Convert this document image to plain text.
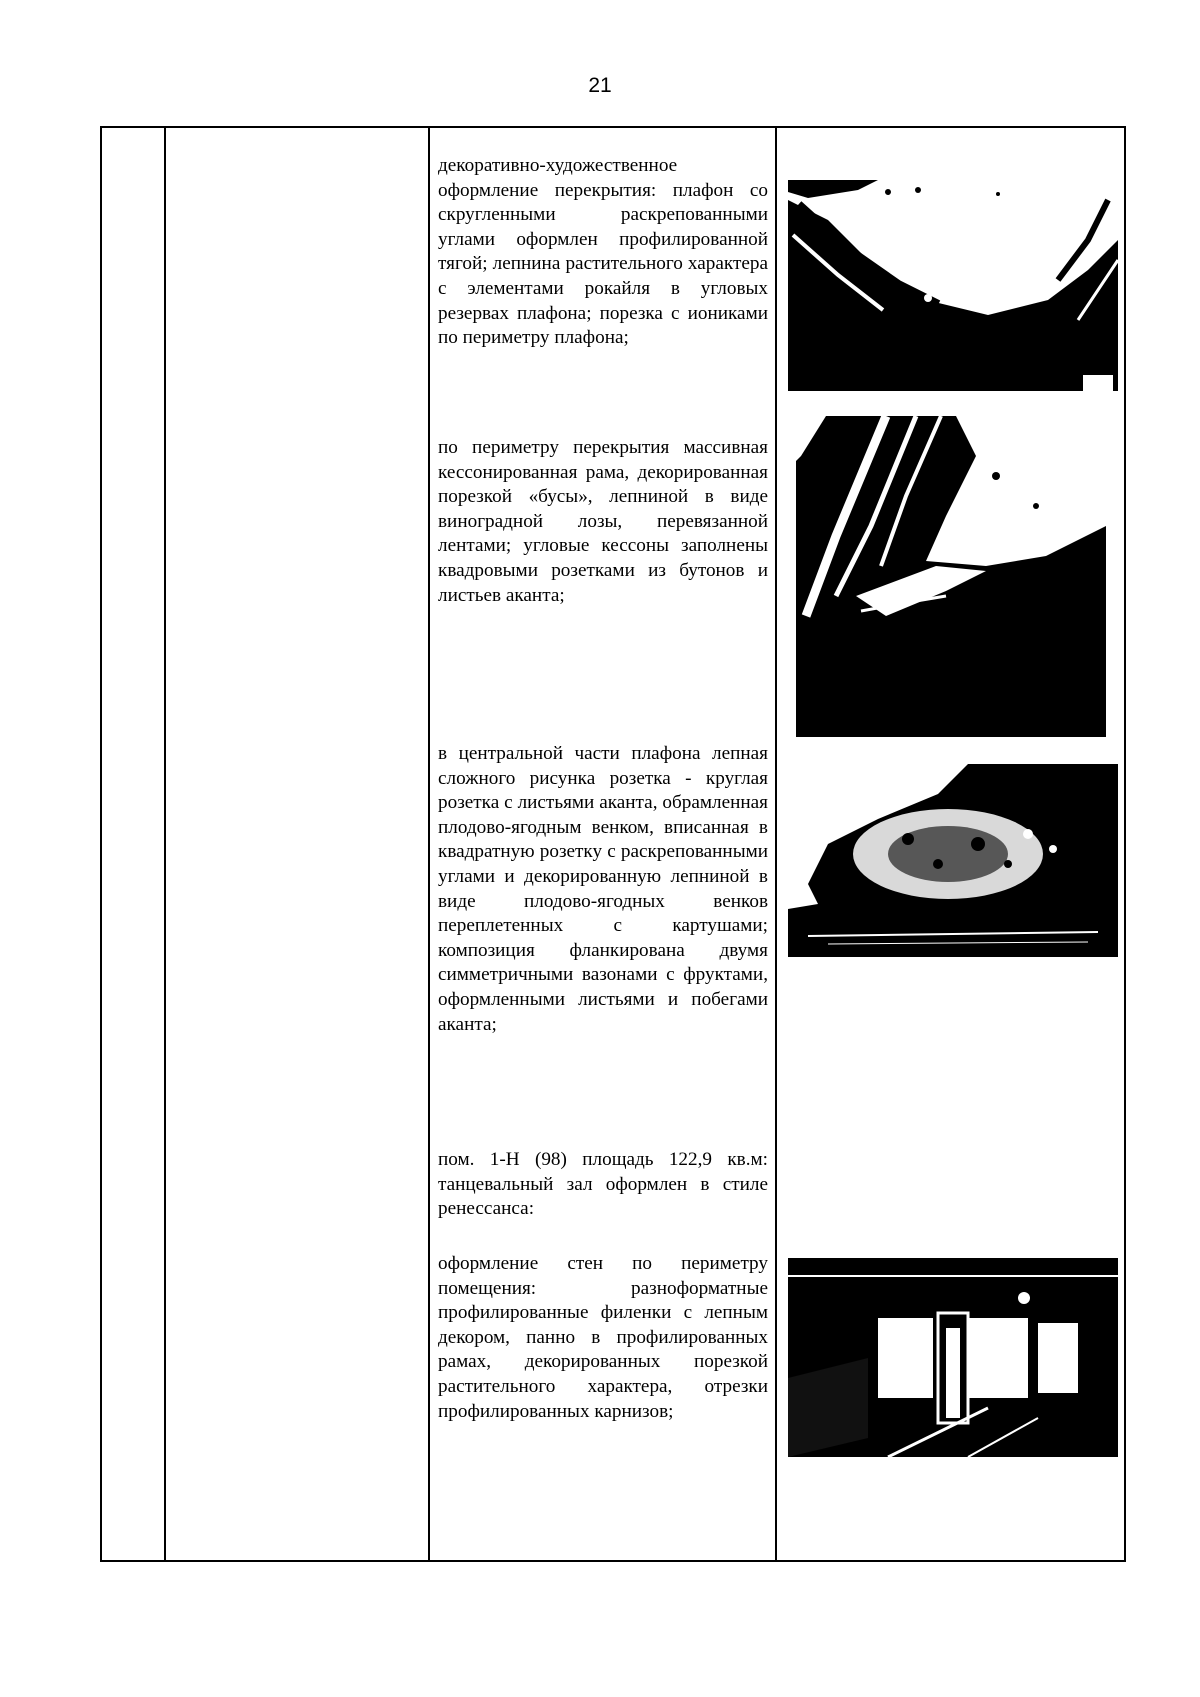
21
декоративно-художественное оформление перекрытия: плафон со скругленными раскрепованными углами оформлен профилированной тягой; лепнина растительного характера с элементами рокайля в угловых резервах плафона; порезка с иониками по периметру плафона;
по периметру перекрытия массивная кессонированная рама, декорированная порезкой «бусы», лепниной в виде виноградной лозы, перевязанной лентами; угловые кессоны заполнены квадровыми розетками из бутонов и листьев аканта;
в центральной части плафона лепная сложного рисунка розетка - круглая розетка с листьями аканта, обрамленная плодово-ягодным венком, вписанная в квадратную розетку с раскрепованными углами и декорированную лепниной в виде плодово-ягодных венков переплетенных с картушами; композиция фланкирована двумя симметричными вазонами с фруктами, оформленными листьями и побегами аканта;
пом. 1-Н (98) площадь 122,9 кв.м: танцевальный зал оформлен в стиле ренессанса:
оформление стен по периметру помещения: разноформатные профилированные филенки с лепным декором, панно в профилированных рамах, декорированных порезкой растительного характера, отрезки профилированных карнизов;
